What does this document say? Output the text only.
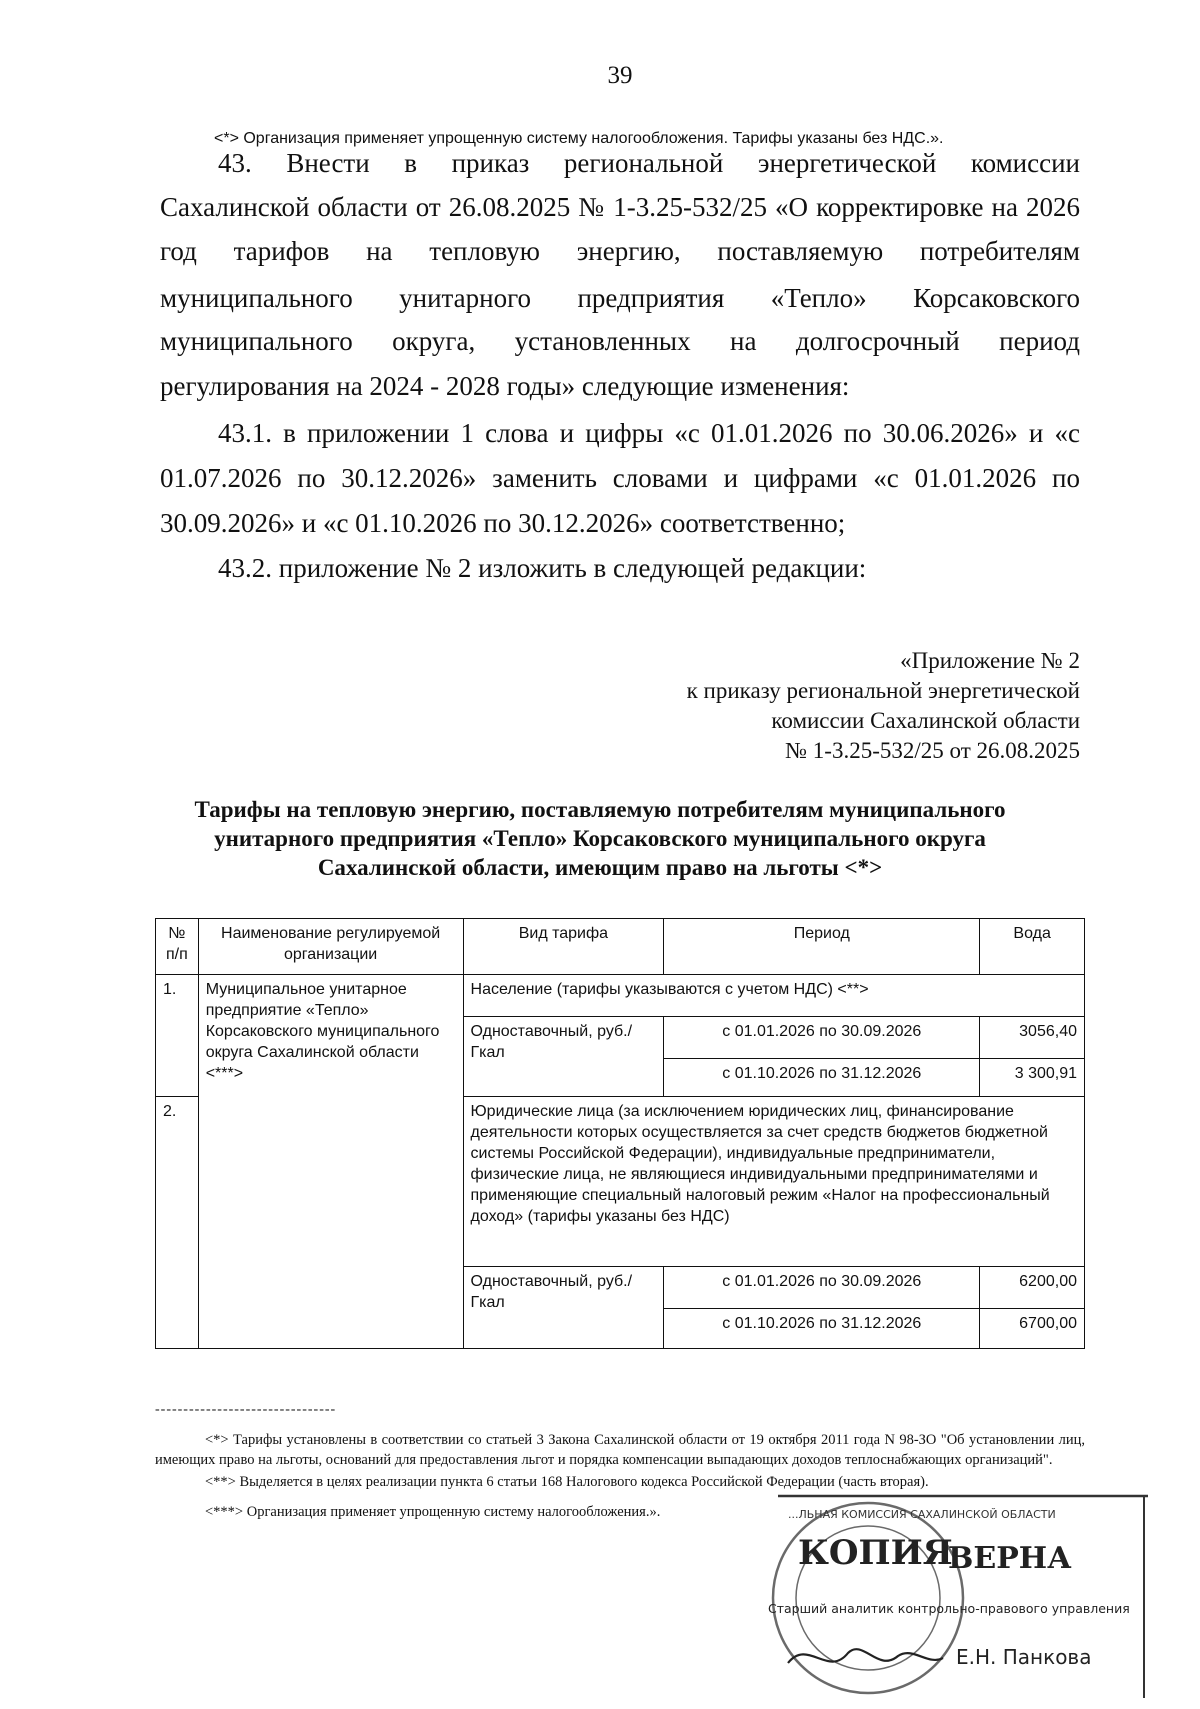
39
<*> Организация применяет упрощенную систему налогообложения. Тарифы указаны без НДС.».
43. Внести в приказ региональной энергетической комиссии
Сахалинской области от 26.08.2025 № 1-3.25-532/25 «О корректировке на 2026
год тарифов на тепловую энергию, поставляемую потребителям
муниципального унитарного предприятия «Тепло» Корсаковского
муниципального округа, установленных на долгосрочный период
регулирования на 2024 - 2028 годы» следующие изменения:
43.1. в приложении 1 слова и цифры «с 01.01.2026 по 30.06.2026» и «с
01.07.2026 по 30.12.2026» заменить словами и цифрами «с 01.01.2026 по
30.09.2026» и «с 01.10.2026 по 30.12.2026» соответственно;
43.2. приложение № 2 изложить в следующей редакции:
«Приложение № 2
к приказу региональной энергетической
комиссии Сахалинской области
№ 1-3.25-532/25 от 26.08.2025
Тарифы на тепловую энергию, поставляемую потребителям муниципального
унитарного предприятия «Тепло» Корсаковского муниципального округа
Сахалинской области, имеющим право на льготы <*>
№ п/п	Наименование регулируемой организации	Вид тарифа	Период	Вода
1.	Муниципальное унитарное предприятие «Тепло» Корсаковского муниципального округа Сахалинской области <***>	Население (тарифы указываются с учетом НДС) <**>		
		Одноставочный, руб./Гкал	с 01.01.2026 по 30.09.2026	3056,40
			с 01.10.2026 по 31.12.2026	3 300,91
2.		Юридические лица (за исключением юридических лиц, финансирование деятельности которых осуществляется за счет средств бюджетов бюджетной системы Российской Федерации), индивидуальные предприниматели, физические лица, не являющиеся индивидуальными предпринимателями и применяющие специальный налоговый режим «Налог на профессиональный доход» (тарифы указаны без НДС)		
		Одноставочный, руб./Гкал	с 01.01.2026 по 30.09.2026	6200,00
			с 01.10.2026 по 31.12.2026	6700,00
--------------------------------

<*> Тарифы установлены в соответствии со статьей 3 Закона Сахалинской области от 19 октября 2011 года N 98-ЗО "Об установлении лиц, имеющих право на льготы, оснований для предоставления льгот и порядка компенсации выпадающих доходов теплоснабжающих организаций".

<**> Выделяется в целях реализации пункта 6 статьи 168 Налогового кодекса Российской Федерации (часть вторая).

<***> Организация применяет упрощенную систему налогообложения.».	...ЛЬНАЯ КОМИССИЯ САХАЛИНСКОЙ ОБЛАСТИ
КОПИЯ
ВЕРНА
Старший аналитик контрольно-правового управления
Е.Н. Панкова
